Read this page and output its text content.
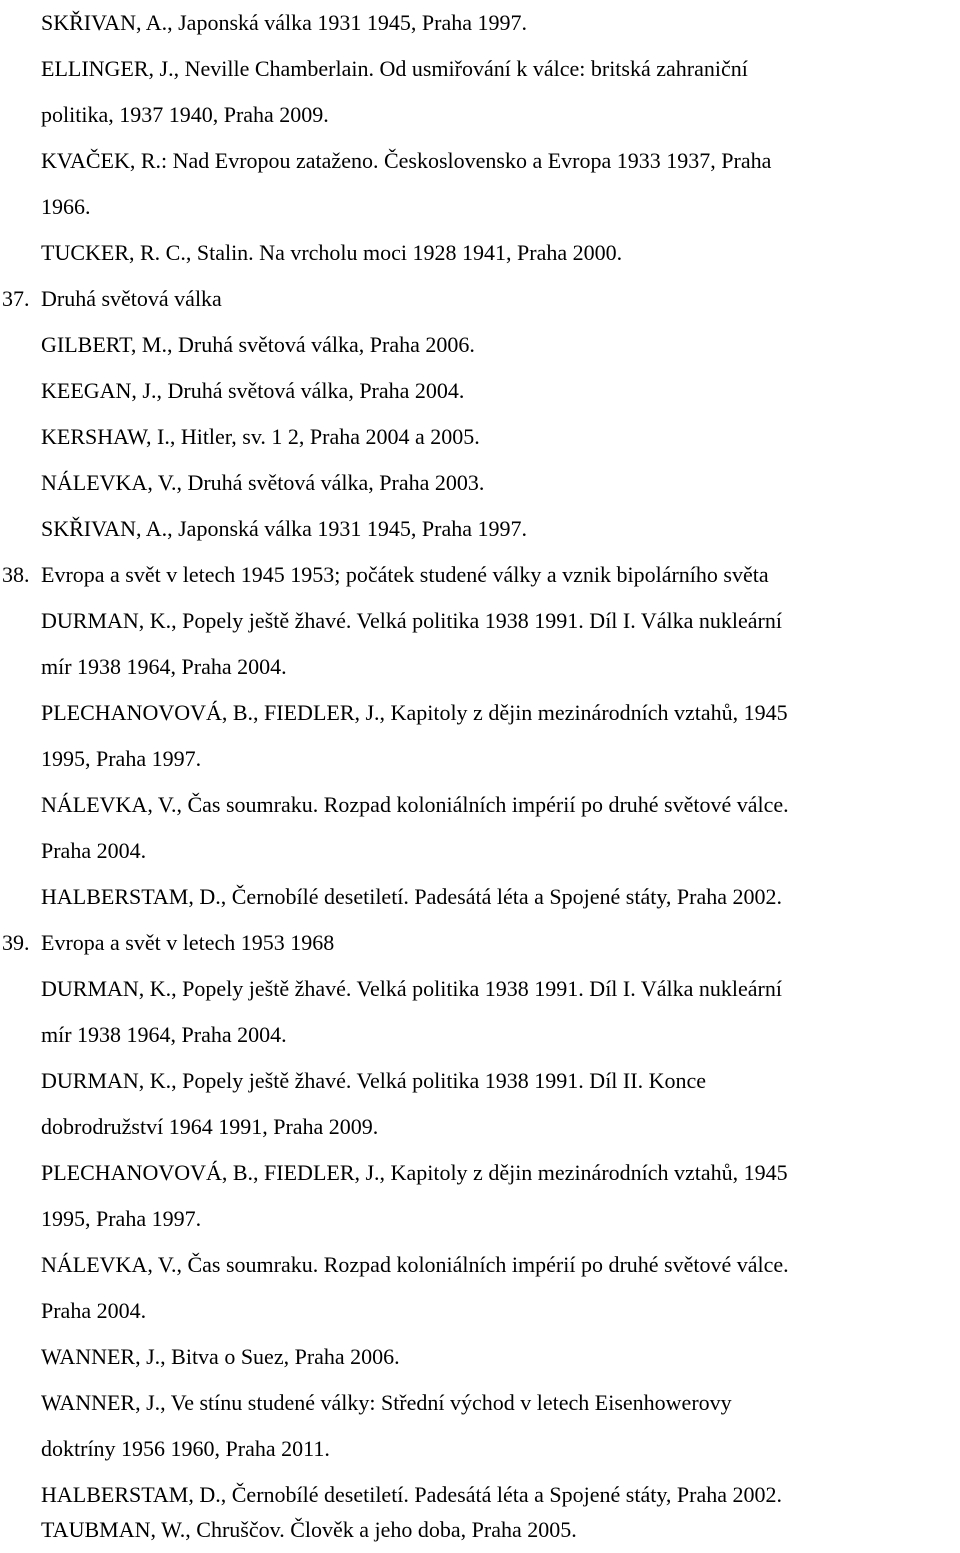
SKŘIVAN, A., Japonská válka 1931 1945, Praha 1997.
ELLINGER, J., Neville Chamberlain. Od usmiřování k válce: britská zahraniční
politika, 1937 1940, Praha 2009.
KVAČEK, R.: Nad Evropou zataženo. Československo a Evropa 1933 1937, Praha
1966.
TUCKER, R. C., Stalin. Na vrcholu moci 1928 1941, Praha 2000.
37. Druhá světová válka
GILBERT, M., Druhá světová válka, Praha 2006.
KEEGAN, J., Druhá světová válka, Praha 2004.
KERSHAW, I., Hitler, sv. 1 2, Praha 2004 a 2005.
NÁLEVKA, V., Druhá světová válka, Praha 2003.
SKŘIVAN, A., Japonská válka 1931 1945, Praha 1997.
38. Evropa a svět v letech 1945 1953; počátek studené války a vznik bipolárního světa
DURMAN, K., Popely ještě žhavé. Velká politika 1938 1991. Díl I. Válka nukleární
mír 1938 1964, Praha 2004.
PLECHANOVOVÁ, B., FIEDLER, J., Kapitoly z dějin mezinárodních vztahů, 1945
1995, Praha 1997.
NÁLEVKA, V., Čas soumraku. Rozpad koloniálních impérií po druhé světové válce.
Praha 2004.
HALBERSTAM, D., Černobílé desetiletí. Padesátá léta a Spojené státy, Praha 2002.
39. Evropa a svět v letech 1953 1968
DURMAN, K., Popely ještě žhavé. Velká politika 1938 1991. Díl I. Válka nukleární
mír 1938 1964, Praha 2004.
DURMAN, K., Popely ještě žhavé. Velká politika 1938 1991. Díl II. Konce
dobrodružství 1964 1991, Praha 2009.
PLECHANOVOVÁ, B., FIEDLER, J., Kapitoly z dějin mezinárodních vztahů, 1945
1995, Praha 1997.
NÁLEVKA, V., Čas soumraku. Rozpad koloniálních impérií po druhé světové válce.
Praha 2004.
WANNER, J., Bitva o Suez, Praha 2006.
WANNER, J., Ve stínu studené války: Střední východ v letech Eisenhowerovy
doktríny 1956 1960, Praha 2011.
HALBERSTAM, D., Černobílé desetiletí. Padesátá léta a Spojené státy, Praha 2002.
TAUBMAN, W., Chruščov. Člověk a jeho doba, Praha 2005.
